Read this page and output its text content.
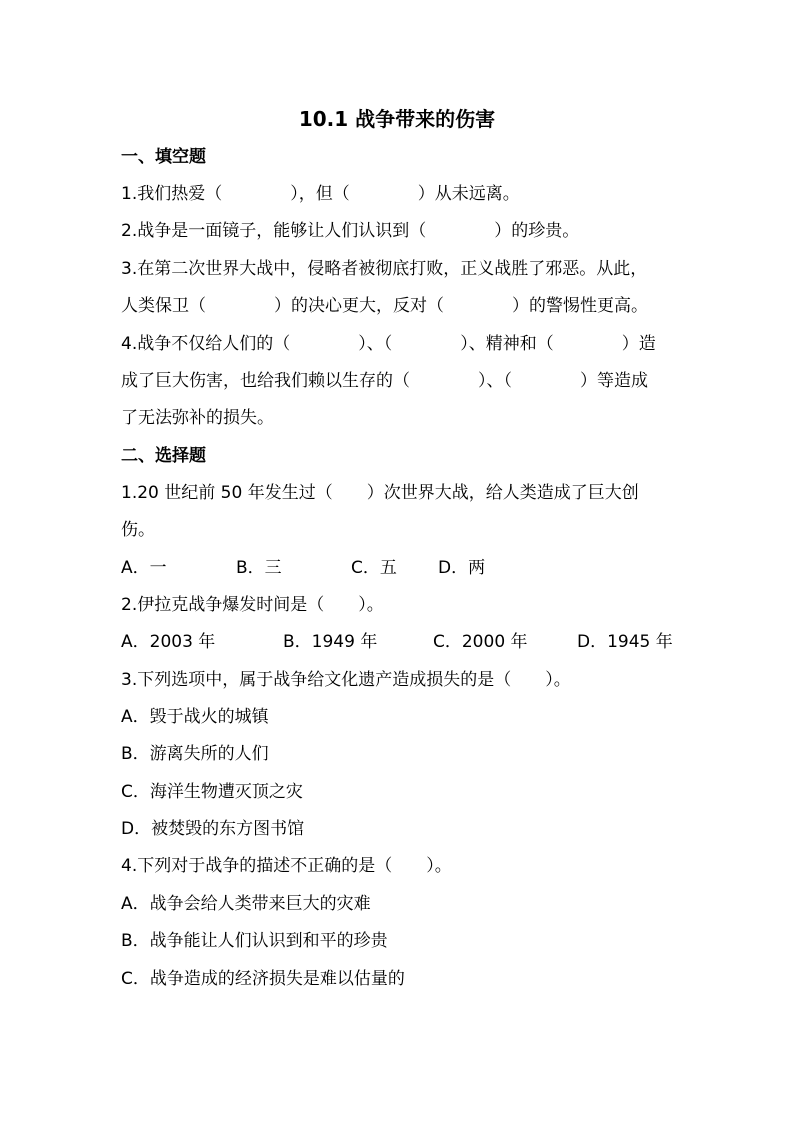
10.1 战争带来的伤害
一、填空题
1.我们热爱（　　　　），但（　　　　）从未远离。
2.战争是一面镜子，能够让人们认识到（　　　　）的珍贵。
3.在第二次世界大战中，侵略者被彻底打败，正义战胜了邪恶。从此，
人类保卫（　　　　）的决心更大，反对（　　　　）的警惕性更高。
4.战争不仅给人们的（　　　　）、（　　　　）、精神和（　　　　）造
成了巨大伤害，也给我们赖以生存的（　　　　）、（　　　　）等造成
了无法弥补的损失。
二、选择题
1.20 世纪前 50 年发生过（　　）次世界大战，给人类造成了巨大创
伤。
A．一	B．三	C．五 D．两
2.伊拉克战争爆发时间是（　　）。
A．2003 年	B．1949 年	C．2000 年	D．1945 年
3.下列选项中，属于战争给文化遗产造成损失的是（　　）。
A．毁于战火的城镇
B．游离失所的人们
C．海洋生物遭灭顶之灾
D．被焚毁的东方图书馆
4.下列对于战争的描述不正确的是（　　）。
A．战争会给人类带来巨大的灾难
B．战争能让人们认识到和平的珍贵
C．战争造成的经济损失是难以估量的
